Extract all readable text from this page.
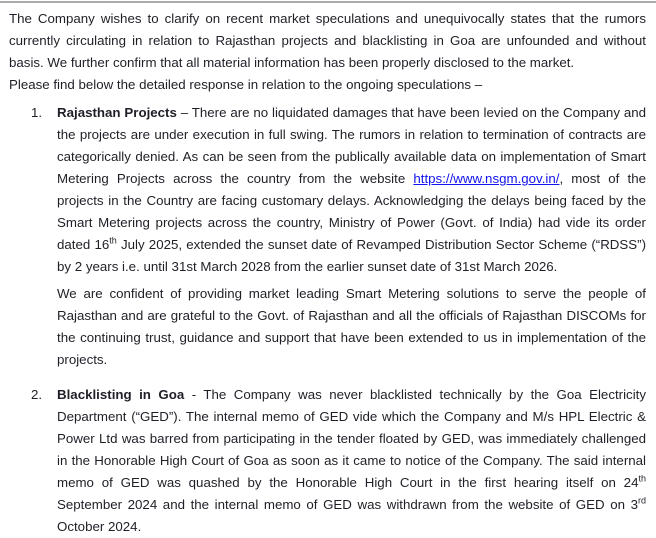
The Company wishes to clarify on recent market speculations and unequivocally states that the rumors currently circulating in relation to Rajasthan projects and blacklisting in Goa are unfounded and without basis. We further confirm that all material information has been properly disclosed to the market.

Please find below the detailed response in relation to the ongoing speculations –

1.	Rajasthan Projects – There are no liquidated damages that have been levied on the Company and the projects are under execution in full swing. The rumors in relation to termination of contracts are categorically denied. As can be seen from the publically available data on implementation of Smart Metering Projects across the country from the website https://www.nsgm.gov.in/, most of the projects in the Country are facing customary delays. Acknowledging the delays being faced by the Smart Metering projects across the country, Ministry of Power (Govt. of India) had vide its order dated 16th July 2025, extended the sunset date of Revamped Distribution Sector Scheme (“RDSS”) by 2 years i.e. until 31st March 2028 from the earlier sunset date of 31st March 2026.

We are confident of providing market leading Smart Metering solutions to serve the people of Rajasthan and are grateful to the Govt. of Rajasthan and all the officials of Rajasthan DISCOMs for the continuing trust, guidance and support that have been extended to us in implementation of the projects.

2.	Blacklisting in Goa - The Company was never blacklisted technically by the Goa Electricity Department (“GED”). The internal memo of GED vide which the Company and M/s HPL Electric & Power Ltd was barred from participating in the tender floated by GED, was immediately challenged in the Honorable High Court of Goa as soon as it came to notice of the Company. The said internal memo of GED was quashed by the Honorable High Court in the first hearing itself on 24th September 2024 and the internal memo of GED was withdrawn from the website of GED on 3rd October 2024.
